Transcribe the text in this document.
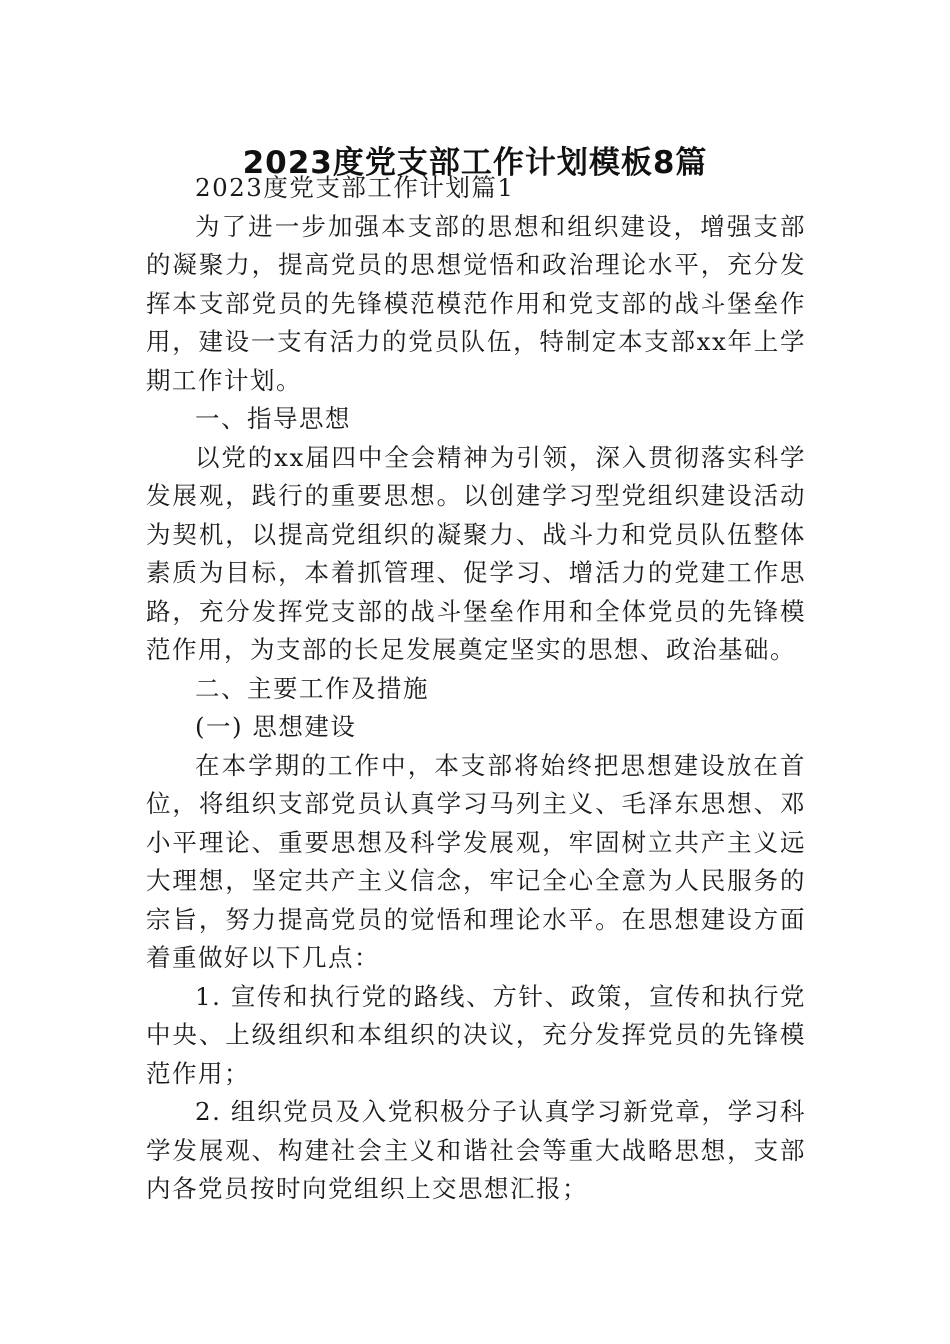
2023度党支部工作计划模板8篇

2023度党支部工作计划篇1

为了进一步加强本支部的思想和组织建设，增强支部的凝聚力，提高党员的思想觉悟和政治理论水平，充分发挥本支部党员的先锋模范模范作用和党支部的战斗堡垒作用，建设一支有活力的党员队伍，特制定本支部xx年上学期工作计划。

一、指导思想

以党的xx届四中全会精神为引领，深入贯彻落实科学发展观，践行的重要思想。以创建学习型党组织建设活动为契机，以提高党组织的凝聚力、战斗力和党员队伍整体素质为目标，本着抓管理、促学习、增活力的党建工作思路，充分发挥党支部的战斗堡垒作用和全体党员的先锋模范作用，为支部的长足发展奠定坚实的思想、政治基础。

二、主要工作及措施

(一) 思想建设

在本学期的工作中，本支部将始终把思想建设放在首位，将组织支部党员认真学习马列主义、毛泽东思想、邓小平理论、重要思想及科学发展观，牢固树立共产主义远大理想，坚定共产主义信念，牢记全心全意为人民服务的宗旨，努力提高党员的觉悟和理论水平。在思想建设方面着重做好以下几点：

1. 宣传和执行党的路线、方针、政策，宣传和执行党中央、上级组织和本组织的决议，充分发挥党员的先锋模范作用；

2. 组织党员及入党积极分子认真学习新党章，学习科学发展观、构建社会主义和谐社会等重大战略思想，支部内各党员按时向党组织上交思想汇报；
